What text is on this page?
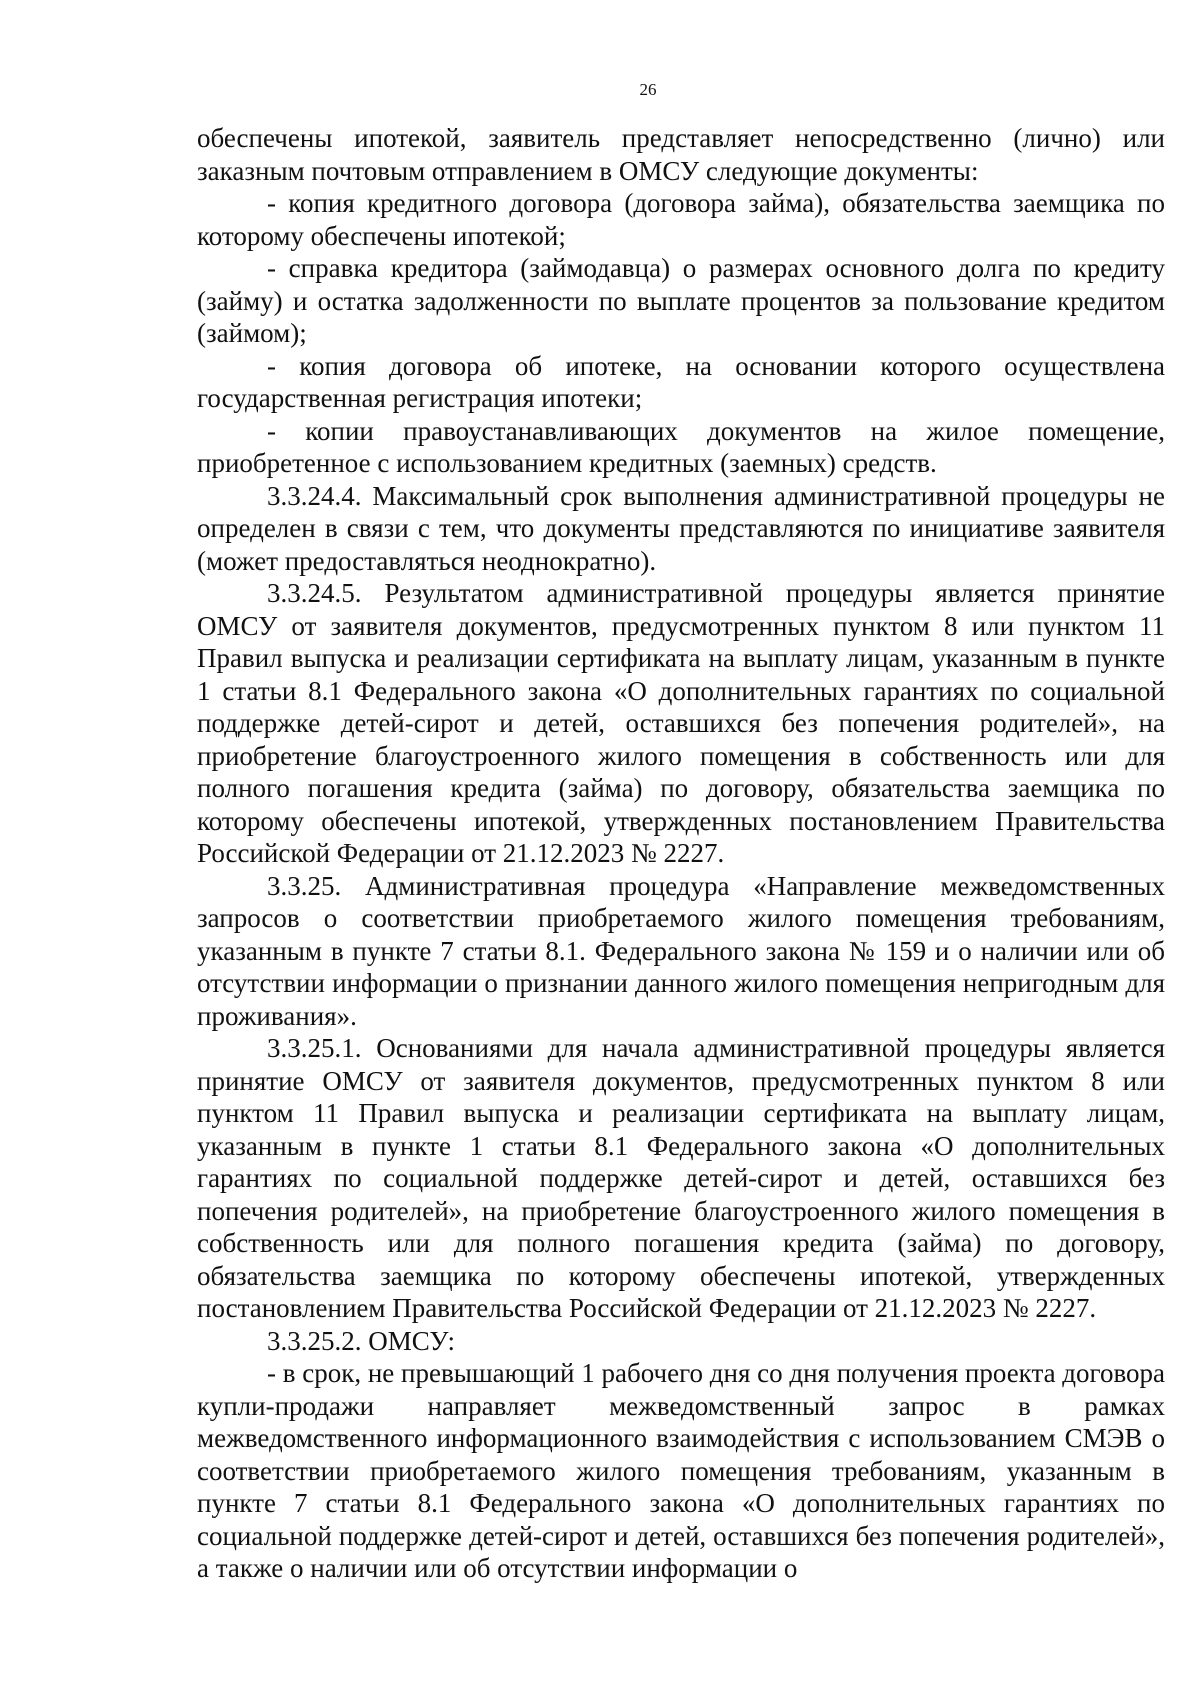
26

обеспечены ипотекой, заявитель представляет непосредственно (лично) или заказным почтовым отправлением в ОМСУ следующие документы:

- копия кредитного договора (договора займа), обязательства заемщика по которому обеспечены ипотекой;

- справка кредитора (займодавца) о размерах основного долга по кредиту (займу) и остатка задолженности по выплате процентов за пользование кредитом (займом);

- копия договора об ипотеке, на основании которого осуществлена государственная регистрация ипотеки;

- копии правоустанавливающих документов на жилое помещение, приобретенное с использованием кредитных (заемных) средств.

3.3.24.4. Максимальный срок выполнения административной процедуры не определен в связи с тем, что документы представляются по инициативе заявителя (может предоставляться неоднократно).

3.3.24.5. Результатом административной процедуры является принятие ОМСУ от заявителя документов, предусмотренных пунктом 8 или пунктом 11 Правил выпуска и реализации сертификата на выплату лицам, указанным в пункте 1 статьи 8.1 Федерального закона «О дополнительных гарантиях по социальной поддержке детей-сирот и детей, оставшихся без попечения родителей», на приобретение благоустроенного жилого помещения в собственность или для полного погашения кредита (займа) по договору, обязательства заемщика по которому обеспечены ипотекой, утвержденных постановлением Правительства Российской Федерации от 21.12.2023 № 2227.

3.3.25. Административная процедура «Направление межведомственных запросов о соответствии приобретаемого жилого помещения требованиям, указанным в пункте 7 статьи 8.1. Федерального закона № 159 и о наличии или об отсутствии информации о признании данного жилого помещения непригодным для проживания».

3.3.25.1. Основаниями для начала административной процедуры является принятие ОМСУ от заявителя документов, предусмотренных пунктом 8 или пунктом 11 Правил выпуска и реализации сертификата на выплату лицам, указанным в пункте 1 статьи 8.1 Федерального закона «О дополнительных гарантиях по социальной поддержке детей-сирот и детей, оставшихся без попечения родителей», на приобретение благоустроенного жилого помещения в собственность или для полного погашения кредита (займа) по договору, обязательства заемщика по которому обеспечены ипотекой, утвержденных постановлением Правительства Российской Федерации от 21.12.2023 № 2227.

3.3.25.2. ОМСУ:

- в срок, не превышающий 1 рабочего дня со дня получения проекта договора купли-продажи направляет межведомственный запрос в рамках межведомственного информационного взаимодействия с использованием СМЭВ о соответствии приобретаемого жилого помещения требованиям, указанным в пункте 7 статьи 8.1 Федерального закона «О дополнительных гарантиях по социальной поддержке детей-сирот и детей, оставшихся без попечения родителей», а также о наличии или об отсутствии информации о
